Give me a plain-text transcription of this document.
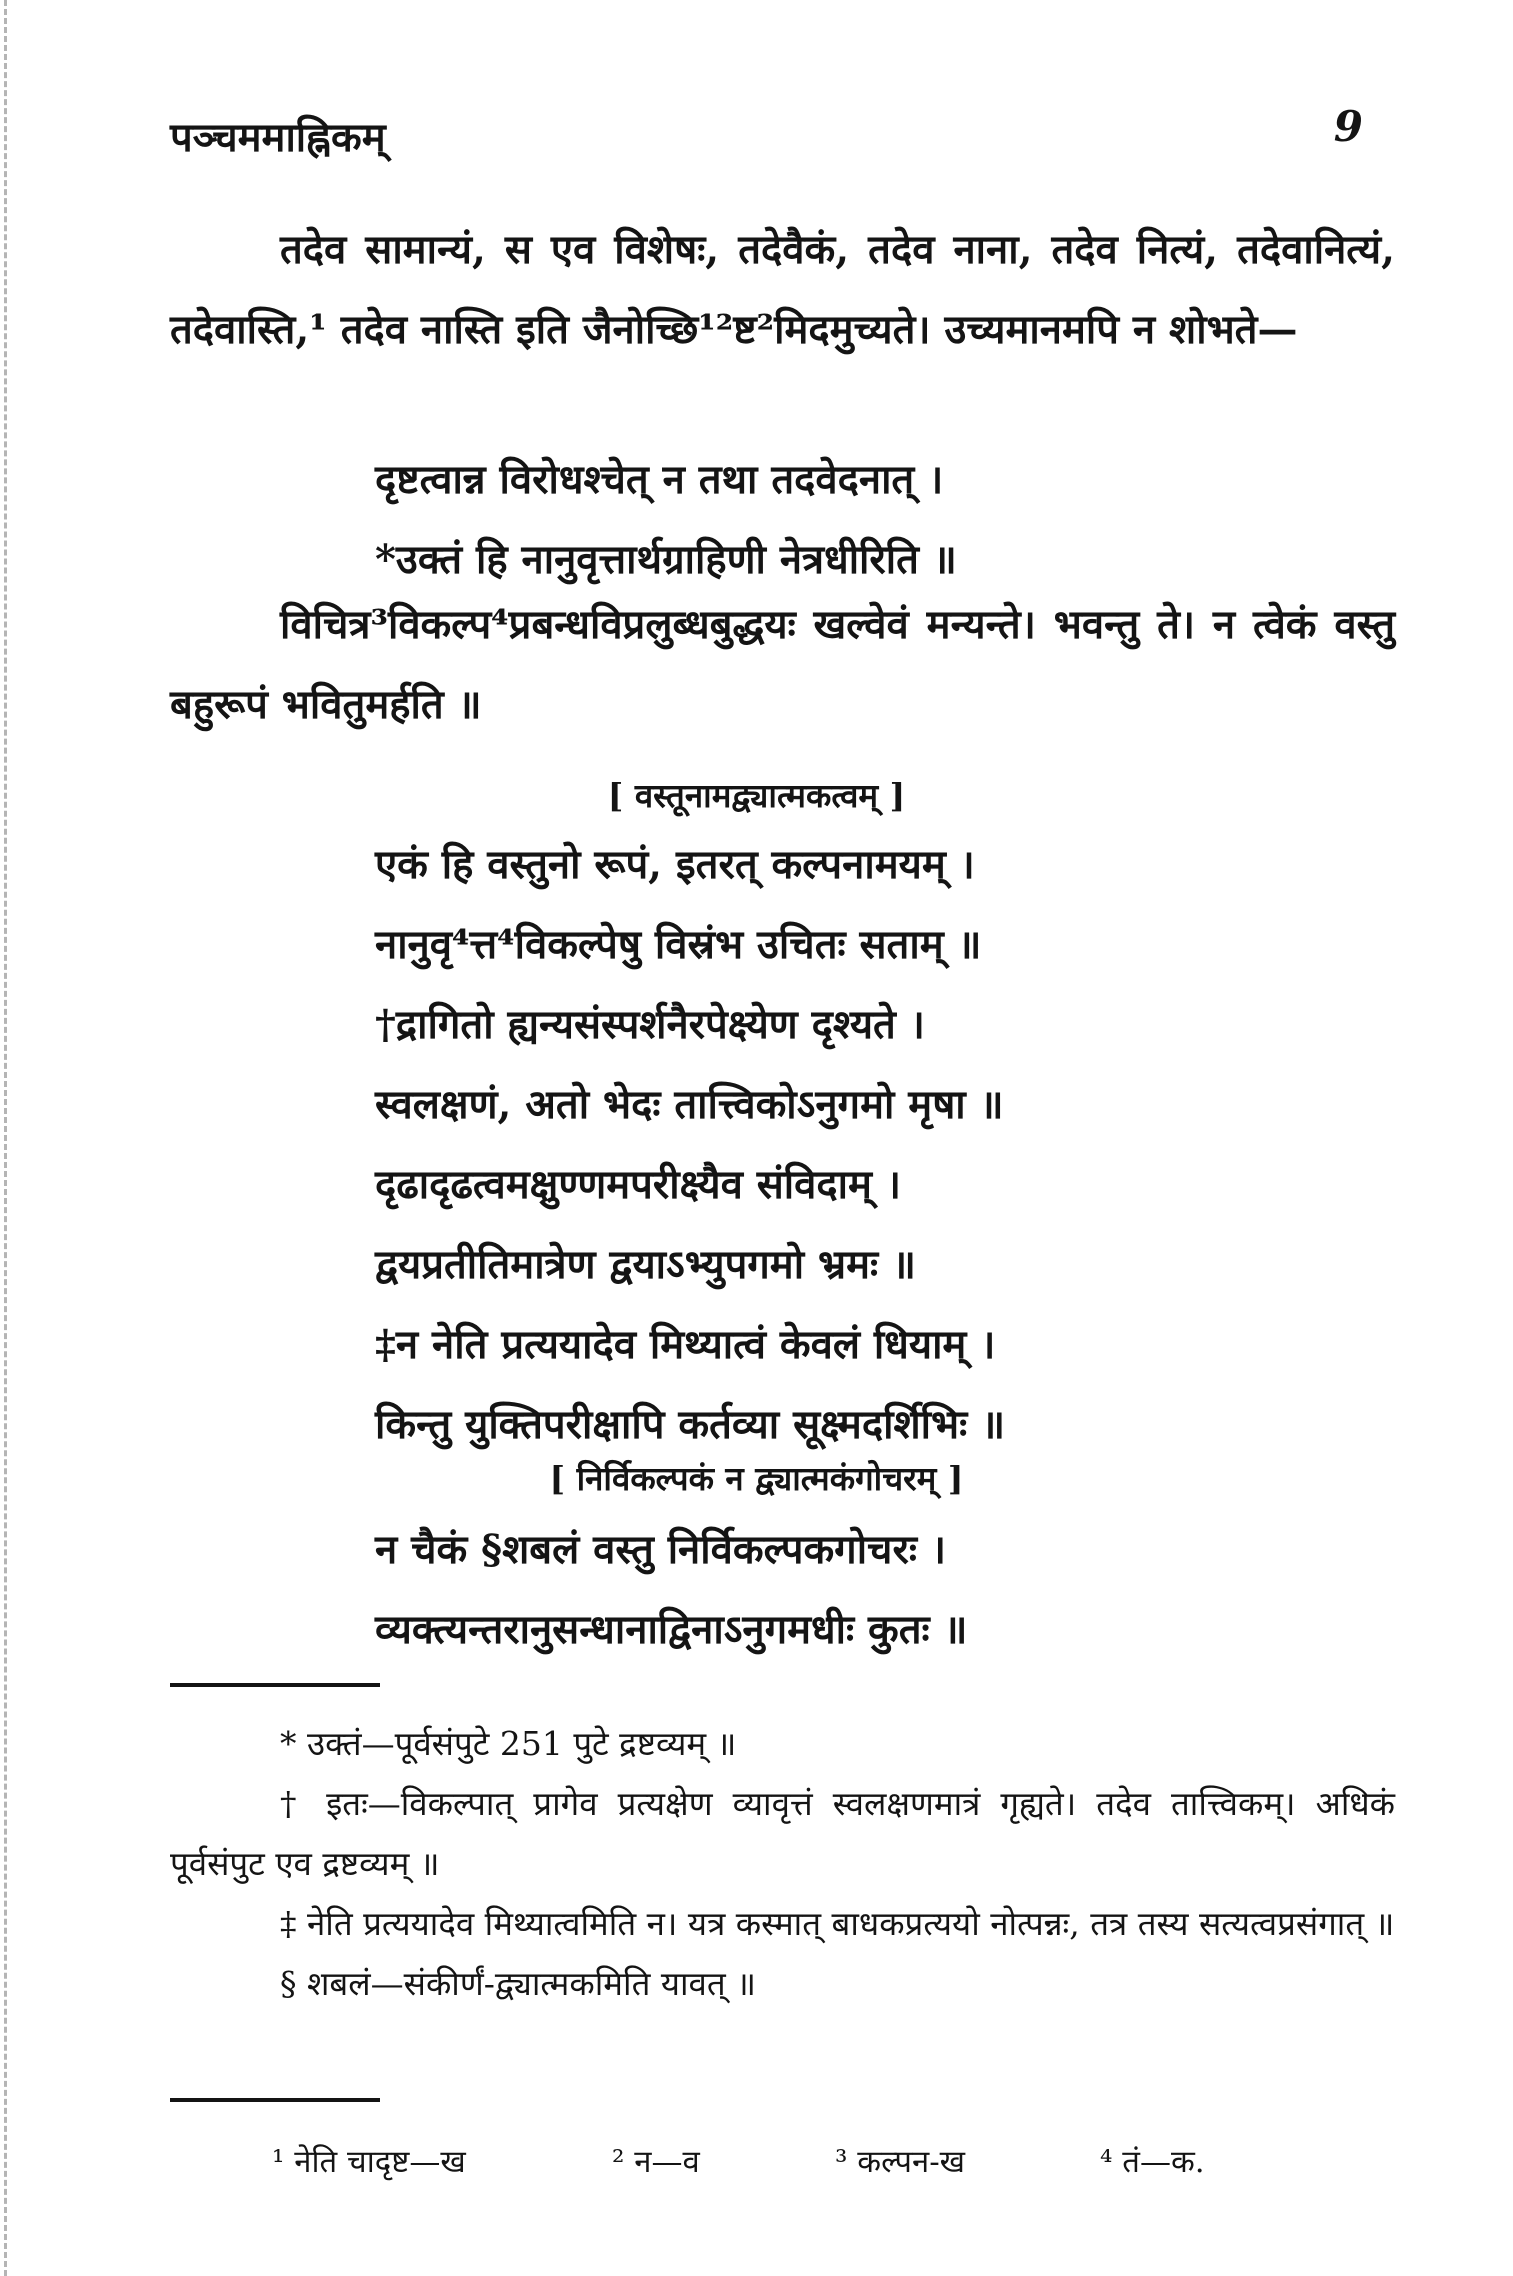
पञ्चममाह्निकम्	9

तदेव सामान्यं, स एव विशेषः, तदेवैकं, तदेव नाना, तदेव नित्यं, तदेवानित्यं, तदेवास्ति,¹ तदेव नास्ति इति जैनोच्छि¹²ष्ट²मिदमुच्यते। उच्यमानमपि न शोभते—

दृष्टत्वान्न विरोधश्चेत् न तथा तदवेदनात् ।
*उक्तं हि नानुवृत्तार्थग्राहिणी नेत्रधीरिति ॥

विचित्र³विकल्प⁴प्रबन्धविप्रलुब्धबुद्धयः खल्वेवं मन्यन्ते। भवन्तु ते। न त्वेकं वस्तु बहुरूपं भवितुमर्हति ॥

[ वस्तूनामद्व्यात्मकत्वम् ]
एकं हि वस्तुनो रूपं, इतरत् कल्पनामयम् ।
नानुवृ⁴त्त⁴विकल्पेषु विस्रंभ उचितः सताम् ॥
†द्रागितो ह्यन्यसंस्पर्शनैरपेक्ष्येण दृश्यते ।
स्वलक्षणं, अतो भेदः तात्त्विकोऽनुगमो मृषा ॥
दृढादृढत्वमक्षुण्णमपरीक्ष्यैव संविदाम् ।
द्वयप्रतीतिमात्रेण द्वयाऽभ्युपगमो भ्रमः ॥
‡न नेति प्रत्ययादेव मिथ्यात्वं केवलं धियाम् ।
किन्तु युक्तिपरीक्षापि कर्तव्या सूक्ष्मदर्शिभिः ॥
[ निर्विकल्पकं न द्व्यात्मकंगोचरम् ]
न चैकं §शबलं वस्तु निर्विकल्पकगोचरः ।
व्यक्त्यन्तरानुसन्धानाद्विनाऽनुगमधीः कुतः ॥

* उक्तं—पूर्वसंपुटे 251 पुटे द्रष्टव्यम् ॥

† इतः—विकल्पात् प्रागेव प्रत्यक्षेण व्यावृत्तं स्वलक्षणमात्रं गृह्यते। तदेव तात्त्विकम्। अधिकं पूर्वसंपुट एव द्रष्टव्यम् ॥

‡ नेति प्रत्ययादेव मिथ्यात्वमिति न। यत्र कस्मात् बाधकप्रत्ययो नोत्पन्नः, तत्र तस्य सत्यत्वप्रसंगात् ॥

§ शबलं—संकीर्णं-द्व्यात्मकमिति यावत् ॥

¹ नेति चादृष्ट—ख	² न—व	³ कल्पन-ख	⁴ तं—क.
